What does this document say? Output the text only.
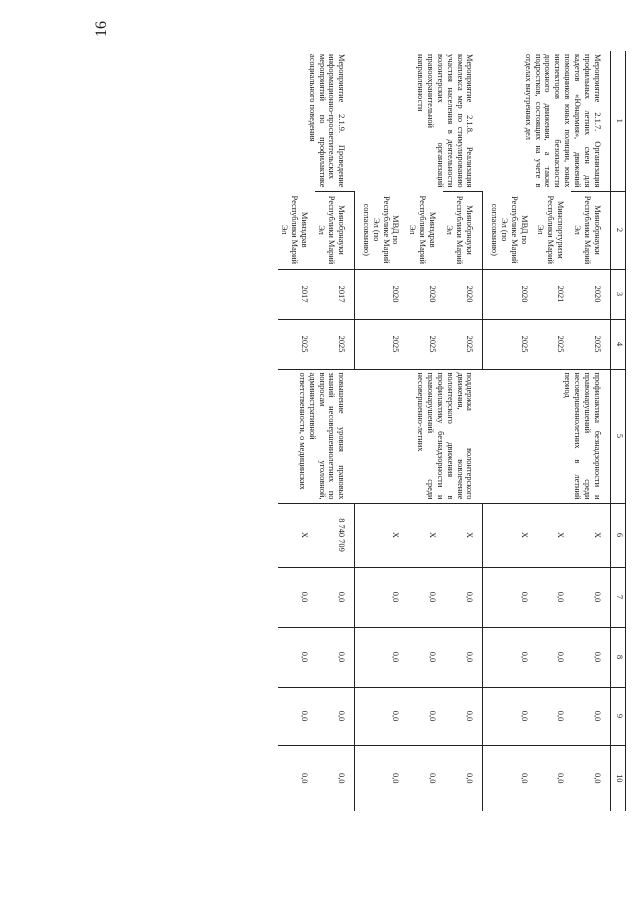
16
1	2	3	4	5	6	7	8	9	10
Мероприятие 2.1.7. Организация профильных летних смен для кадетов «Юнармия», движений помощников юных полиции, юных инспекторов безопасности дорожного движения, а также подростков, состоящих на учете в отделах внутренних дел	Минобрнауки Республики Марий Эл	2020	2025	профилактика безнадзорности и правонарушений среди несовершеннолетних в летний период	Х	0,0	0,0	0,0	0,0
	Минспортуризм Республики Марий Эл	2021	2025		Х	0,0	0,0	0,0	0,0
	МВД по Республике Марий Эл (по согласованию)	2020	2025		Х	0,0	0,0	0,0	0,0
Мероприятие 2.1.8. Реализация комплекса мер по стимулированию участия населения в деятельности волонтерских организаций правоохранительной направленности	Минобрнауки Республики Марий Эл	2020	2025	поддержка волонтерского движения, вовлечение волонтерского движения в профилактику безнадзорности и правонарушений среди несовершенно-летних	Х	0,0	0,0	0,0	0,0
	Минздрав Республики Марий Эл	2020	2025		Х	0,0	0,0	0,0	0,0
	МВД по Республике Марий Эл (по согласованию)	2020	2025		Х	0,0	0,0	0,0	0,0
Мероприятие 2.1.9. Проведение информационно-просветительских мероприятий по профилактике асоциального поведения	Минобрнауки Республики Марий Эл	2017	2025	повышение уровня правовых знаний несовершеннолетних по вопросам уголовной, административной ответственности, о медицинских	8 740 709	0,0	0,0	0,0	0,0
	Минздрав Республики Марий Эл	2017	2025		Х	0,0	0,0	0,0	0,0
